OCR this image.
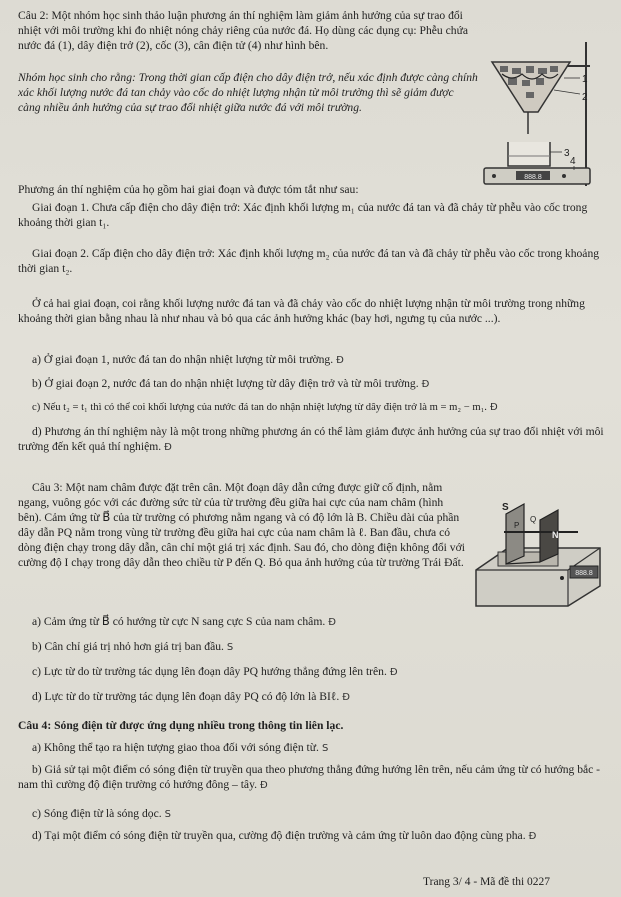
Câu 2: Một nhóm học sinh thảo luận phương án thí nghiệm làm giảm ảnh hưởng của sự trao đổi nhiệt với môi trường khi đo nhiệt nóng chảy riêng của nước đá. Họ dùng các dụng cụ: Phễu chứa nước đá (1), dây điện trở (2), cốc (3), cân điện tử (4) như hình bên.

Nhóm học sinh cho rằng: Trong thời gian cấp điện cho dây điện trở, nếu xác định được càng chính xác khối lượng nước đá tan chảy vào cốc do nhiệt lượng nhận từ môi trường thì sẽ giảm được càng nhiều ảnh hưởng của sự trao đổi nhiệt giữa nước đá với môi trường.

Phương án thí nghiệm của họ gồm hai giai đoạn và được tóm tắt như sau:

Giai đoạn 1. Chưa cấp điện cho dây điện trở: Xác định khối lượng m₁ của nước đá tan và đã chảy từ phễu vào cốc trong khoảng thời gian t₁.

Giai đoạn 2. Cấp điện cho dây điện trở: Xác định khối lượng m₂ của nước đá tan và đã chảy từ phễu vào cốc trong khoảng thời gian t₂.

Ở cả hai giai đoạn, coi rằng khối lượng nước đá tan và đã chảy vào cốc do nhiệt lượng nhận từ môi trường trong những khoảng thời gian bằng nhau là như nhau và bỏ qua các ảnh hưởng khác (bay hơi, ngưng tụ của nước ...).

a) Ở giai đoạn 1, nước đá tan do nhận nhiệt lượng từ môi trường. Đ

b) Ở giai đoạn 2, nước đá tan do nhận nhiệt lượng từ dây điện trở và từ môi trường. Đ

c) Nếu t₂ = t₁ thì có thể coi khối lượng của nước đá tan do nhận nhiệt lượng từ dây điện trở là m = m₂ − m₁. Đ

d) Phương án thí nghiệm này là một trong những phương án có thể làm giảm được ảnh hưởng của sự trao đổi nhiệt với môi trường đến kết quả thí nghiệm. Đ

888.8
1
2
3
4

Câu 3: Một nam châm được đặt trên cân. Một đoạn dây dẫn cứng được giữ cố định, nằm ngang, vuông góc với các đường sức từ của từ trường đều giữa hai cực của nam châm (hình bên). Cảm ứng từ B⃗ của từ trường có phương nằm ngang và có độ lớn là B. Chiều dài của phần dây dẫn PQ nằm trong vùng từ trường đều giữa hai cực của nam châm là ℓ. Ban đầu, chưa có dòng điện chạy trong dây dẫn, cân chỉ một giá trị xác định. Sau đó, cho dòng điện không đổi với cường độ I chạy trong dây dẫn theo chiều từ P đến Q. Bỏ qua ảnh hưởng của từ trường Trái Đất.

a) Cảm ứng từ B⃗ có hướng từ cực N sang cực S của nam châm. Đ

b) Cân chỉ giá trị nhỏ hơn giá trị ban đầu. S

c) Lực từ do từ trường tác dụng lên đoạn dây PQ hướng thẳng đứng lên trên. Đ

d) Lực từ do từ trường tác dụng lên đoạn dây PQ có độ lớn là BIℓ. Đ

S
N
P
Q
888.8

Câu 4: Sóng điện từ được ứng dụng nhiều trong thông tin liên lạc.

a) Không thể tạo ra hiện tượng giao thoa đối với sóng điện từ. S

b) Giả sử tại một điểm có sóng điện từ truyền qua theo phương thẳng đứng hướng lên trên, nếu cảm ứng từ có hướng bắc - nam thì cường độ điện trường có hướng đông – tây. Đ

c) Sóng điện từ là sóng dọc. S

d) Tại một điểm có sóng điện từ truyền qua, cường độ điện trường và cảm ứng từ luôn dao động cùng pha. Đ

Trang 3/ 4 - Mã đề thi 0227
